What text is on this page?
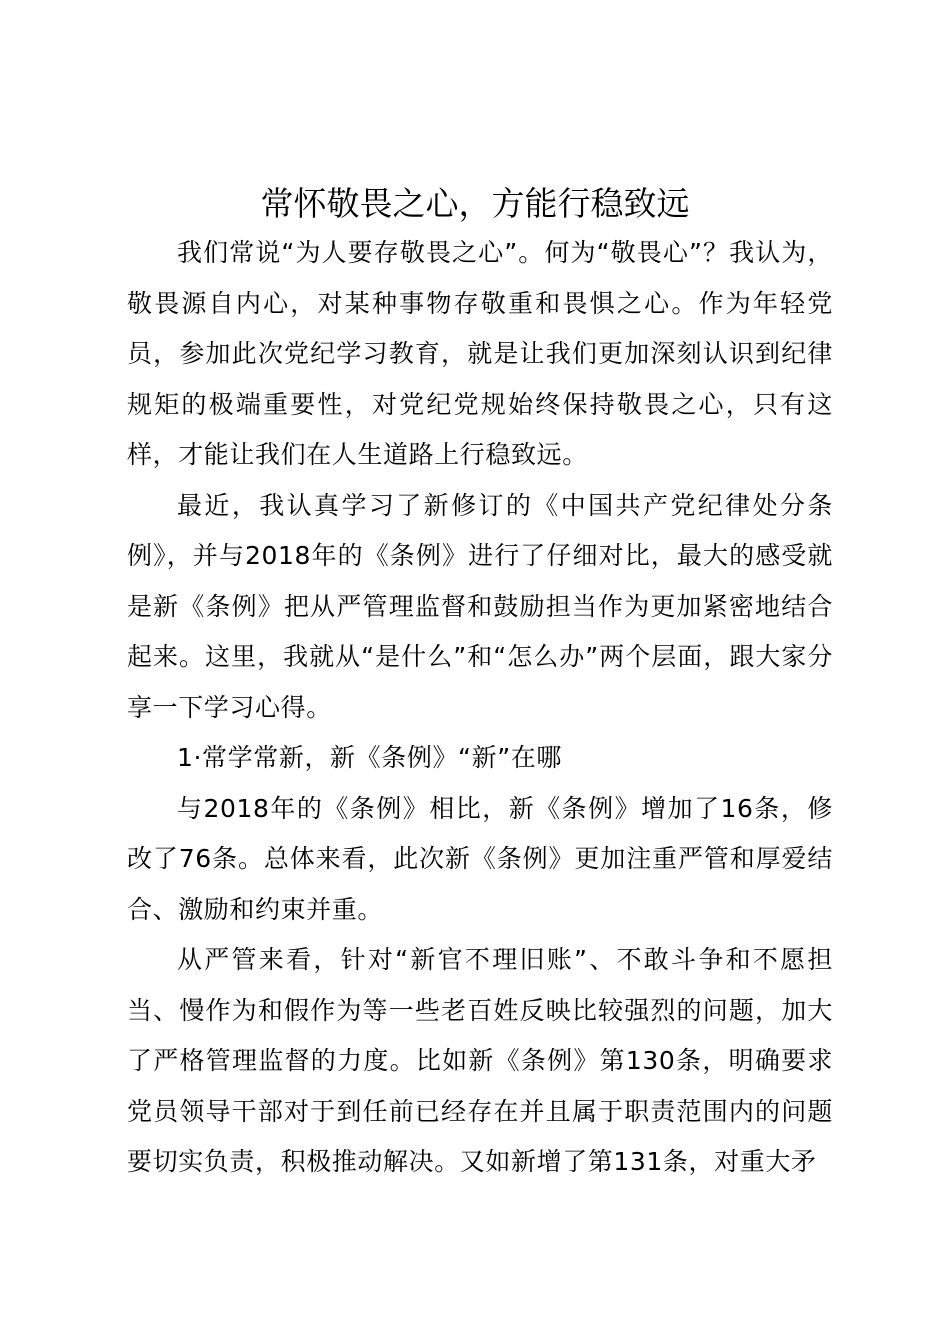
常怀敬畏之心，方能行稳致远

我们常说“为人要存敬畏之心”。何为“敬畏心”？我认为，敬畏源自内心，对某种事物存敬重和畏惧之心。作为年轻党员，参加此次党纪学习教育，就是让我们更加深刻认识到纪律规矩的极端重要性，对党纪党规始终保持敬畏之心，只有这样，才能让我们在人生道路上行稳致远。

最近，我认真学习了新修订的《中国共产党纪律处分条例》，并与2018年的《条例》进行了仔细对比，最大的感受就是新《条例》把从严管理监督和鼓励担当作为更加紧密地结合起来。这里，我就从“是什么”和“怎么办”两个层面，跟大家分享一下学习心得。

1·常学常新，新《条例》“新”在哪

与2018年的《条例》相比，新《条例》增加了16条，修改了76条。总体来看，此次新《条例》更加注重严管和厚爱结合、激励和约束并重。

从严管来看，针对“新官不理旧账”、不敢斗争和不愿担当、慢作为和假作为等一些老百姓反映比较强烈的问题，加大了严格管理监督的力度。比如新《条例》第130条，明确要求党员领导干部对于到任前已经存在并且属于职责范围内的问题要切实负责，积极推动解决。又如新增了第131条，对重大矛
